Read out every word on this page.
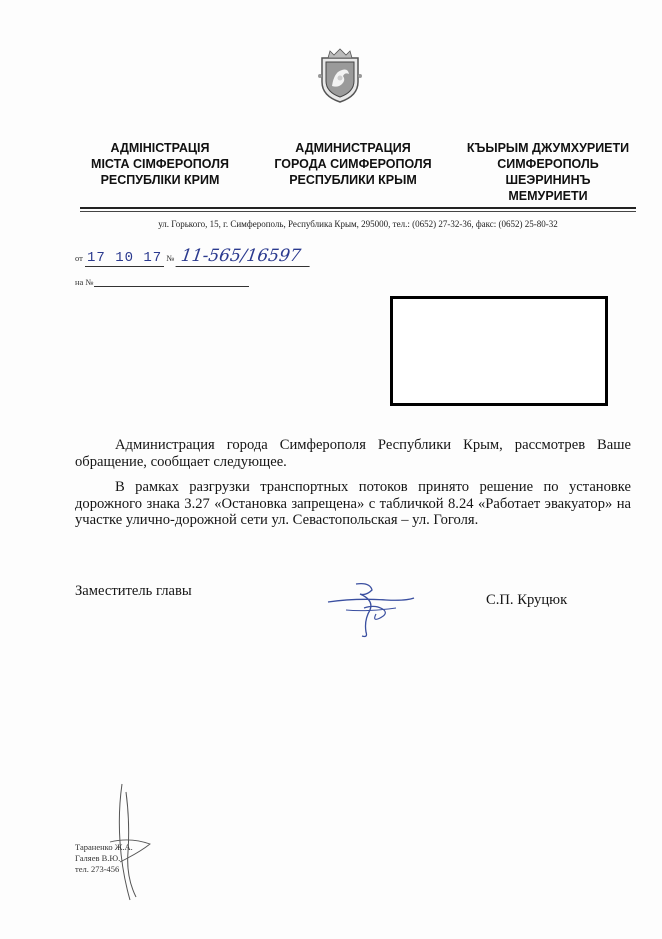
АДМІНІСТРАЦІЯ
МІСТА СІМФЕРОПОЛЯ
РЕСПУБЛІКИ КРИМ
АДМИНИСТРАЦИЯ
ГОРОДА СИМФЕРОПОЛЯ
РЕСПУБЛИКИ КРЫМ
КЪЫРЫМ ДЖУМХУРИЕТИ
СИМФЕРОПОЛЬ
ШЕЭРИНИНЪ
МЕМУРИЕТИ
ул. Горького, 15, г. Симферополь, Республика Крым, 295000, тел.: (0652) 27-32-36, факс: (0652) 25-80-32
от 17 10 17 № 11-565/16597
на №

Администрация города Симферополя Республики Крым, рассмотрев Ваше обращение, сообщает следующее.

В рамках разгрузки транспортных потоков принято решение по установке дорожного знака 3.27 «Остановка запрещена» с табличкой 8.24 «Работает эвакуатор» на участке улично-дорожной сети ул. Севастопольская – ул. Гоголя.

Заместитель главы
С.П. Круцюк
Тараненко Ж.А.
Галяев В.Ю.
тел. 273-456
